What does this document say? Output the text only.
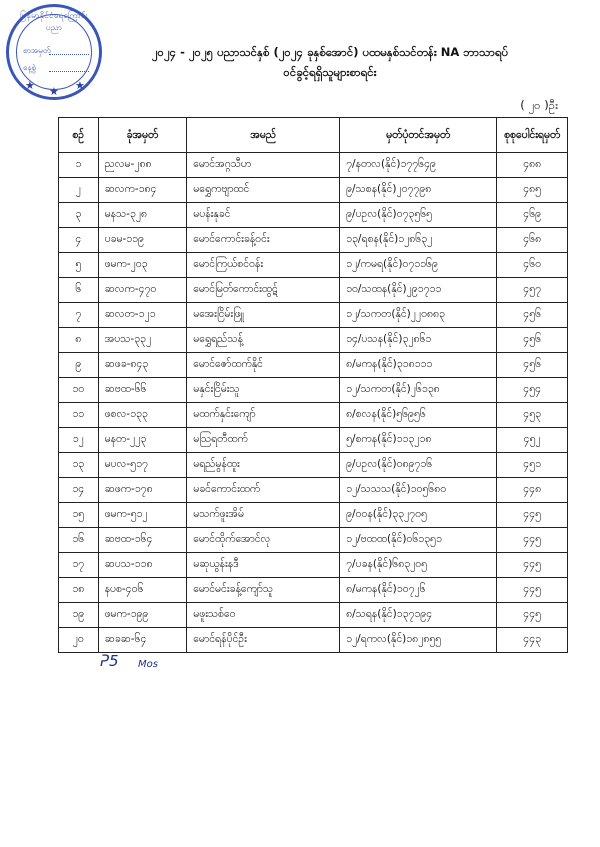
မြန်မာနိုင်ငံရေကြောင်းပညာ
စာအမှတ်
နေ့စွဲ
★ ★ ★
၂၀၂၄ - ၂၀၂၅ ပညာသင်နှစ် (၂၀၂၄ ခုနှစ်အောင်) ပထမနှစ်သင်တန်း NA ဘာသာရပ်
ဝင်ခွင့်ရရှိသူများစာရင်း
( ၂၀ )ဦး
စဉ်	ခုံအမှတ်	အမည်	မှတ်ပုံတင်အမှတ်	စုစုပေါင်းရမှတ်
၁	ညလမ-၂၈၈	မောင်အဂ္ဂသီဟ	၇/နတလ(နိုင်)၁၇၇၆၄၉	၄၈၈
၂	ဆလက-၁၈၄	မရွှေကဗျာထင်	၉/သစန(နိုင်)၂၀၇၇၉၈	၄၈၅
၃	မနသ-၃၂၈	မပန်းနုခင်	၉/ပဥလ(နိုင်)၀၇၃၅၆၅	၄၆၉
၄	ပခမ-၁၁၉	မောင်ကောင်းခန့်ဝင်း	၁၃/ရစန(နိုင်)၁၂၈၆၃၂	၄၆၈
၅	ဖမက-၂၀၃	မောင်ကြယ်စင်ဝန်း	၁၂/ကမရ(နိုင်)၀၇၁၁၆၉	၄၆၀
၆	ဆလက-၄၇၀	မောင်မြတ်ကောင်းထွဋ်	၁၀/သထန(နိုင်)၂၉၁၇၁၁	၄၅၇
၇	ဆလတ-၁၂၁	မအေးငြိမ်းဖြူ	၁၂/သကတ(နိုင်)၂၂၀၈၈၃	၄၅၆
၈	အပသ-၃၃၂	မရွှေရည်သန့်	၁၄/ပသန(နိုင်)၃၂၈၆၁	၄၅၆
၉	ဆဖခ-၈၄၃	မောင်ဇော်ထက်နိုင်	၈/မကန(နိုင်)၃၁၈၁၁၁	၄၅၆
၁၀	ဆဗထ-၆၆	မနှင်းငြိမ်းသူ	၁၂/သကတ(နိုင်)၂၆၁၃၈	၄၅၄
၁၁	ဖစလ-၁၃၃	မထက်နှင်းကျော်	၈/စလန(နိုင်)၅၆၉၅၆	၄၅၃
၁၂	မနတ-၂၂၃	မသြရတီထက်	၅/စကန(နိုင်)၁၁၃၂၁၈	၄၅၂
၁၃	မပလ-၅၁၇	မရည်မွန်ထူး	၉/ပဥလ(နိုင်)၀၈၉၇၁၆	၄၅၁
၁၄	ဆဖက-၁၇၈	မခင်ကောင်းထက်	၁၂/သသသ(နိုင်)၁၀၅၆၈၀	၄၄၈
၁၅	ဖမက-၅၁၂	မသက်ဖူးအိမ်	၉/ဝဝန(နိုင်)၃၃၂၇၀၅	၄၄၅
၁၆	ဆဗထ-၁၆၄	မောင်ထိုက်အောင်လု	၁၂/ဗထထ(နိုင်)၀၆၁၃၅၁	၄၄၅
၁၇	ဆပသ-၁၁၈	မဆုယွန်းနဒီ	၇/ပခန(နိုင်)၆၈၃၂၀၅	၄၄၅
၁၈	နပစ-၄၀၆	မောင်မင်းခန့်ကျော်သူ	၈/မကန(နိုင်)၁၀၇၂၆	၄၄၅
၁၉	ဖမက-၁၉၉	မဖူးသစ်ဝေ	၈/သရန(နိုင်)၁၃၇၁၉၄	၄၄၅
၂၀	ဆခဆ-၆၄	မောင်ရန်ပိုင်ဦး	၁၂/ရကလ(နိုင်)၁၈၂၈၅၅	၄၄၃
ᕈ5 Mos
